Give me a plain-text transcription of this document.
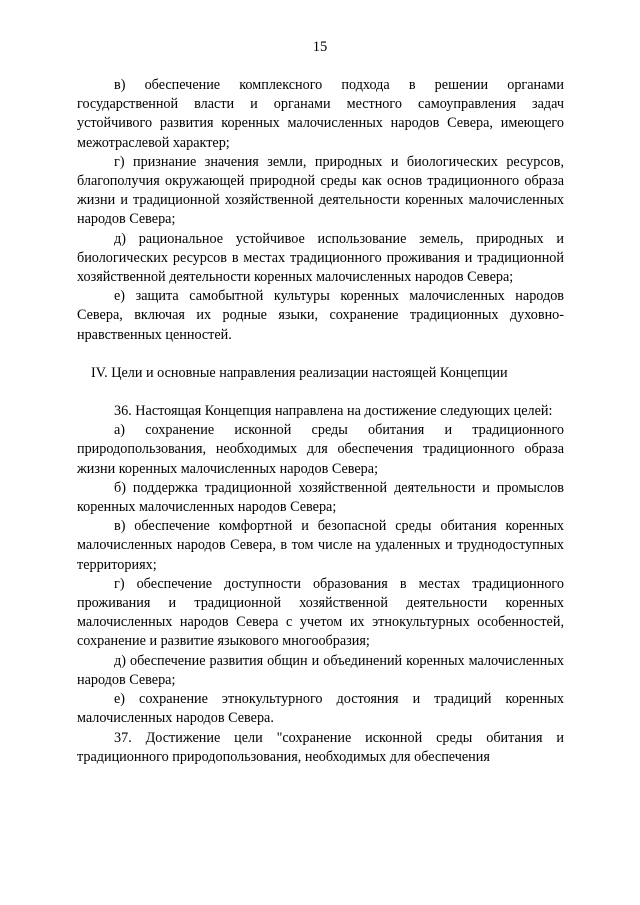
15

в) обеспечение комплексного подхода в решении органами государственной власти и органами местного самоуправления задач устойчивого развития коренных малочисленных народов Севера, имеющего межотраслевой характер;

г) признание значения земли, природных и биологических ресурсов, благополучия окружающей природной среды как основ традиционного образа жизни и традиционной хозяйственной деятельности коренных малочисленных народов Севера;

д) рациональное устойчивое использование земель, природных и биологических ресурсов в местах традиционного проживания и традиционной хозяйственной деятельности коренных малочисленных народов Севера;

е) защита самобытной культуры коренных малочисленных народов Севера, включая их родные языки, сохранение традиционных духовно-нравственных ценностей.

IV. Цели и основные направления реализации настоящей Концепции

36. Настоящая Концепция направлена на достижение следующих целей:

а) сохранение исконной среды обитания и традиционного природопользования, необходимых для обеспечения традиционного образа жизни коренных малочисленных народов Севера;

б) поддержка традиционной хозяйственной деятельности и промыслов коренных малочисленных народов Севера;

в) обеспечение комфортной и безопасной среды обитания коренных малочисленных народов Севера, в том числе на удаленных и труднодоступных территориях;

г) обеспечение доступности образования в местах традиционного проживания и традиционной хозяйственной деятельности коренных малочисленных народов Севера с учетом их этнокультурных особенностей, сохранение и развитие языкового многообразия;

д) обеспечение развития общин и объединений коренных малочисленных народов Севера;

е) сохранение этнокультурного достояния и традиций коренных малочисленных народов Севера.

37. Достижение цели "сохранение исконной среды обитания и традиционного природопользования, необходимых для обеспечения
